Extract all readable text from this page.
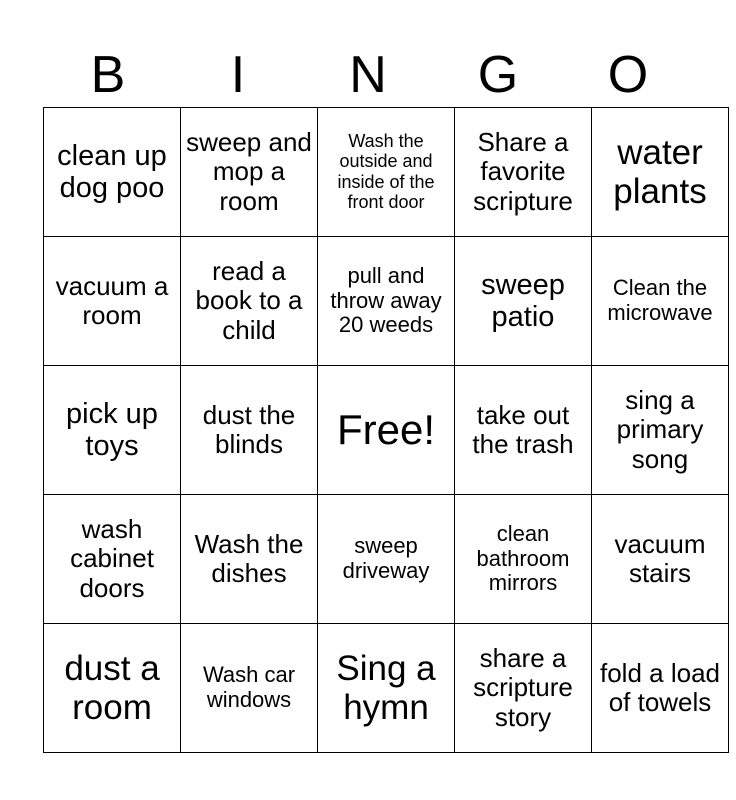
B	I	N	G	O
clean up dog poo	sweep and mop a room	Wash the outside and inside of the front door	Share a favorite scripture	water plants
vacuum a room	read a book to a child	pull and throw away 20 weeds	sweep patio	Clean the microwave
pick up toys	dust the blinds	Free!	take out the trash	sing a primary song
wash cabinet doors	Wash the dishes	sweep driveway	clean bathroom mirrors	vacuum stairs
dust a room	Wash car windows	Sing a hymn	share a scripture story	fold a load of towels
